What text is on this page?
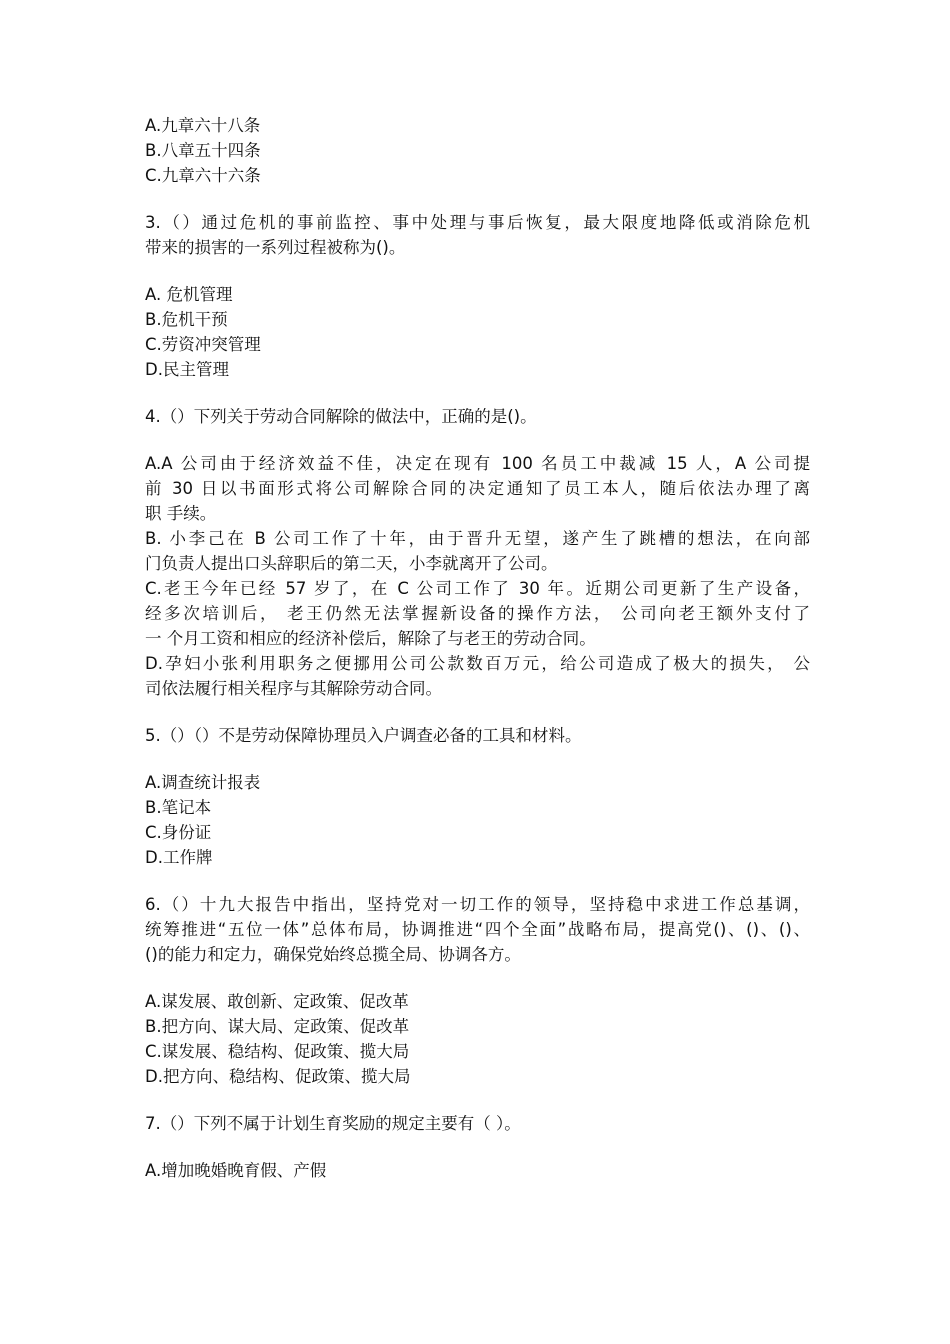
A.九章六十八条
B.八章五十四条
C.九章六十六条
3.（）通过危机的事前监控、事中处理与事后恢复，最大限度地降低或消除危机
带来的损害的一系列过程被称为()。
A. 危机管理
B.危机干预
C.劳资冲突管理
D.民主管理
4.（）下列关于劳动合同解除的做法中，正确的是()。
A.A 公司由于经济效益不佳，决定在现有 100 名员工中裁减 15 人，A 公司提
前 30 日以书面形式将公司解除合同的决定通知了员工本人，随后依法办理了离
职 手续。
B. 小李己在 B 公司工作了十年，由于晋升无望，遂产生了跳槽的想法，在向部
门负责人提出口头辞职后的第二天，小李就离开了公司。
C.老王今年已经 57 岁了，在 C 公司工作了 30 年。近期公司更新了生产设备，
经多次培训后， 老王仍然无法掌握新设备的操作方法， 公司向老王额外支付了
一 个月工资和相应的经济补偿后，解除了与老王的劳动合同。
D.孕妇小张利用职务之便挪用公司公款数百万元，给公司造成了极大的损失， 公
司依法履行相关程序与其解除劳动合同。
5.（）（）不是劳动保障协理员入户调查必备的工具和材料。
A.调查统计报表
B.笔记本
C.身份证
D.工作牌
6.（）十九大报告中指出，坚持党对一切工作的领导，坚持稳中求进工作总基调，
统筹推进“五位一体”总体布局，协调推进“四个全面”战略布局，提高党()、()、()、
()的能力和定力，确保党始终总揽全局、协调各方。
A.谋发展、敢创新、定政策、促改革
B.把方向、谋大局、定政策、促改革
C.谋发展、稳结构、促政策、揽大局
D.把方向、稳结构、促政策、揽大局
7.（）下列不属于计划生育奖励的规定主要有（ ）。
A.增加晚婚晚育假、产假
